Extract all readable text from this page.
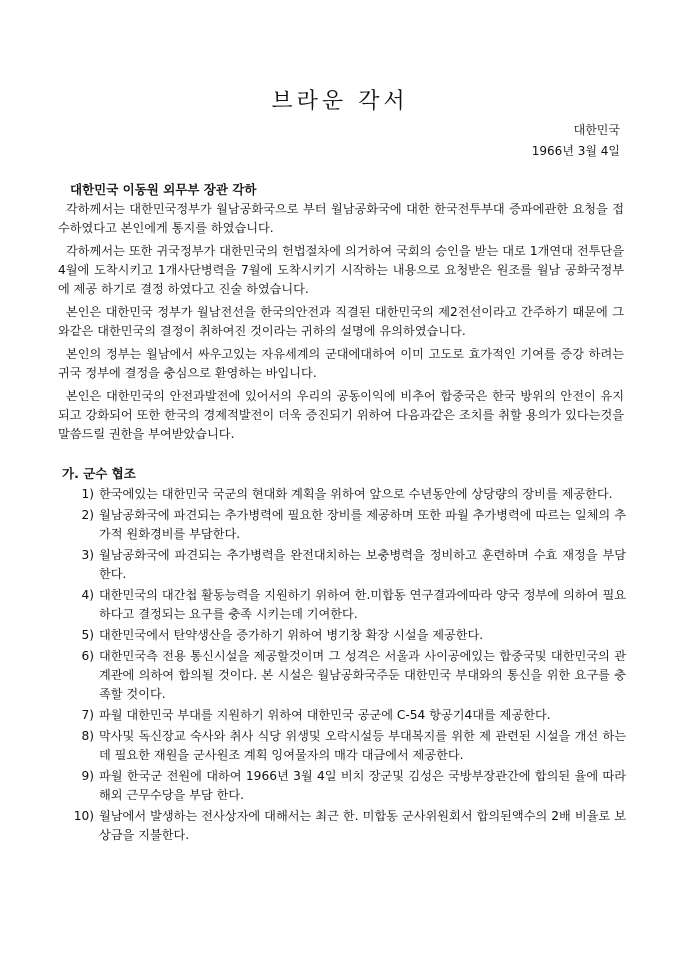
브라운 각서
대한민국
1966년 3월 4일
대한민국 이동원 외무부 장관 각하

각하께서는 대한민국정부가 월남공화국으로 부터 월남공화국에 대한 한국전투부대 증파에관한 요청을 접수하였다고 본인에게 통지를 하였습니다.

각하께서는 또한 귀국정부가 대한민국의 헌법절차에 의거하여 국회의 승인을 받는 대로 1개연대 전투단을 4월에 도착시키고 1개사단병력을 7월에 도착시키기 시작하는 내용으로 요청받은 원조를 월남 공화국정부에 제공 하기로 결정 하였다고 진술 하였습니다.

본인은 대한민국 정부가 월남전선을 한국의안전과 직결된 대한민국의 제2전선이라고 간주하기 때문에 그와같은 대한민국의 결정이 취하여진 것이라는 귀하의 설명에 유의하였습니다.

본인의 정부는 월남에서 싸우고있는 자유세계의 군대에대하여 이미 고도로 효가적인 기여를 증강 하려는 귀국 정부에 결정을 충심으로 환영하는 바입니다.

본인은 대한민국의 안전과발전에 있어서의 우리의 공동이익에 비추어 합중국은 한국 방위의 안전이 유지되고 강화되어 또한 한국의 경제적발전이 더욱 증진되기 위하여 다음과같은 조치를 취할 용의가 있다는것을 말씀드릴 권한을 부여받았습니다.

가. 군수 협조
1) 한국에있는 대한민국 국군의 현대화 계획을 위하여 앞으로 수년동안에 상당량의 장비를 제공한다.
2) 월남공화국에 파견되는 추가병력에 필요한 장비를 제공하며 또한 파월 추가병력에 따르는 일체의 추가적 원화경비를 부담한다.
3) 월남공화국에 파견되는 추가병력을 완전대치하는 보충병력을 정비하고 훈련하며 수효 재정을 부담한다.
4) 대한민국의 대간첩 활동능력을 지원하기 위하여 한.미합동 연구결과에따라 양국 정부에 의하여 필요하다고 결정되는 요구를 충족 시키는데 기여한다.
5) 대한민국에서 탄약생산을 증가하기 위하여 병기창 확장 시설을 제공한다.
6) 대한민국측 전용 통신시설을 제공할것이며 그 성격은 서울과 사이공에있는 합중국및 대한민국의 관계관에 의하여 합의될 것이다. 본 시설은 월남공화국주둔 대한민국 부대와의 통신을 위한 요구를 충족할 것이다.
7) 파월 대한민국 부대를 지원하기 위하여 대한민국 공군에 C-54 항공기4대를 제공한다.
8) 막사및 독신장교 숙사와 취사 식당 위생및 오락시설등 부대복지를 위한 제 관련된 시설을 개선 하는데 필요한 재원을 군사원조 계획 잉여물자의 매각 대금에서 제공한다.
9) 파월 한국군 전원에 대하여 1966년 3월 4일 비치 장군및 김성은 국방부장관간에 합의된 율에 따라해외 근무수당을 부담 한다.
10) 월남에서 발생하는 전사상자에 대해서는 최근 한. 미합동 군사위원회서 합의된액수의 2배 비율로 보상금을 지불한다.
